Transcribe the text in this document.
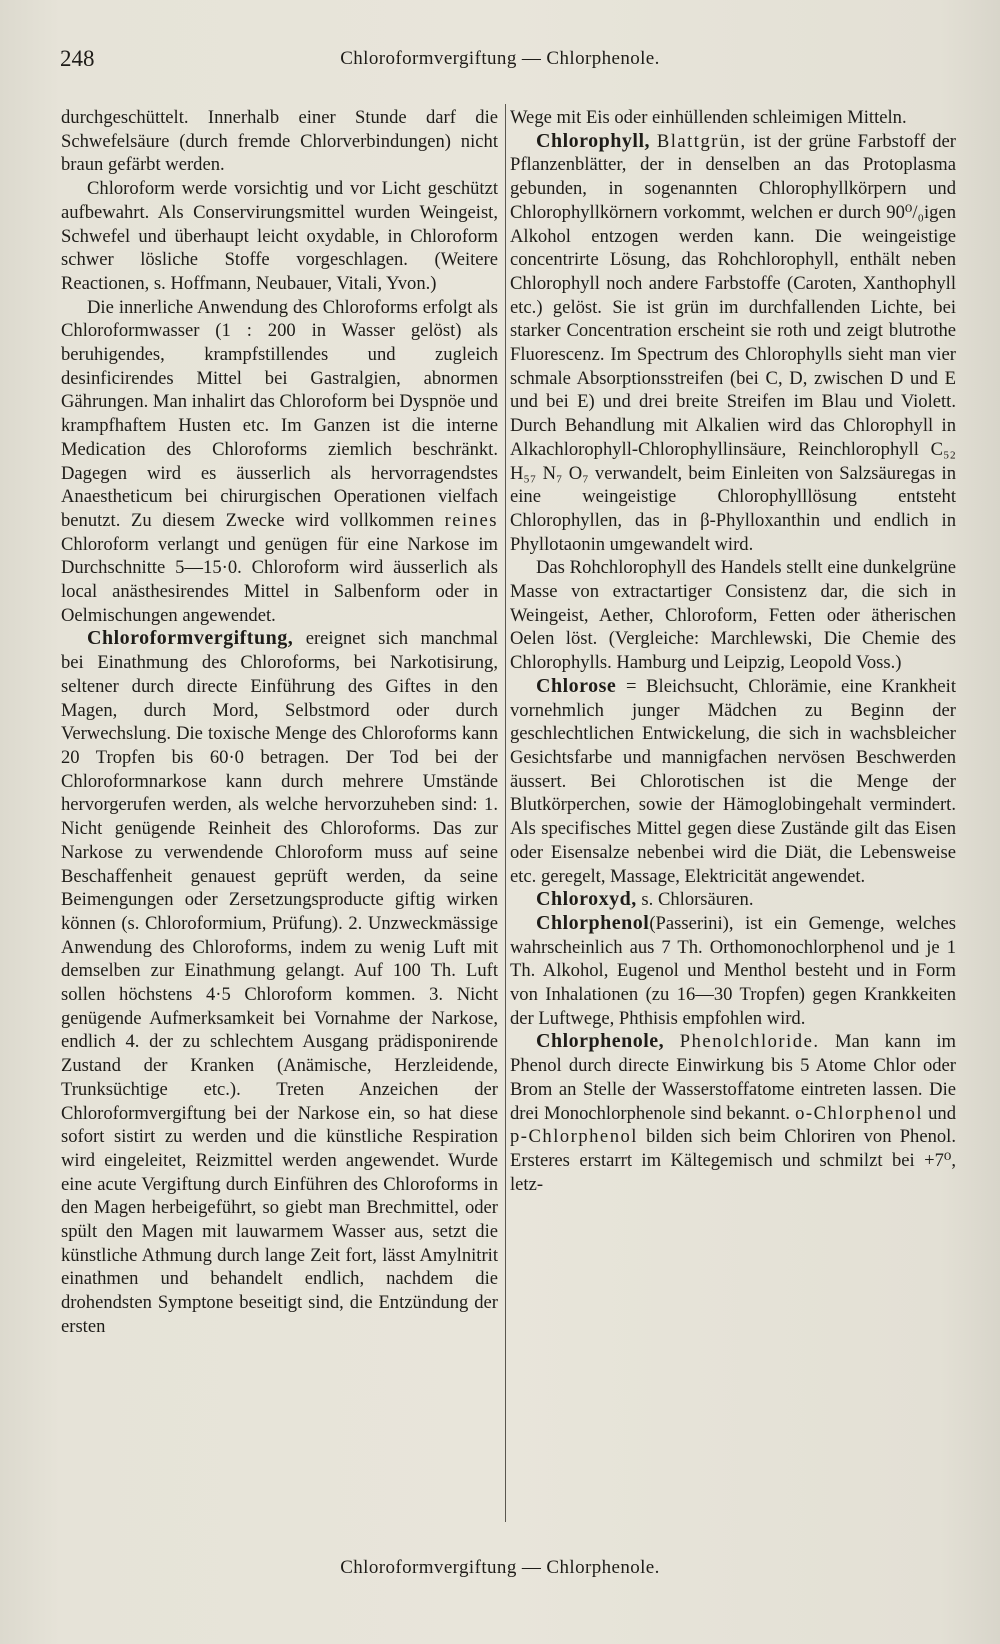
248	Chloroformvergiftung — Chlorphenole.

durchgeschüttelt. Innerhalb einer Stunde darf die Schwefelsäure (durch fremde Chlorverbindungen) nicht braun gefärbt werden.

Chloroform werde vorsichtig und vor Licht geschützt aufbewahrt. Als Conservirungsmittel wurden Weingeist, Schwefel und überhaupt leicht oxydable, in Chloroform schwer lösliche Stoffe vorgeschlagen. (Weitere Reactionen, s. Hoffmann, Neubauer, Vitali, Yvon.)

Die innerliche Anwendung des Chloroforms erfolgt als Chloroformwasser (1 : 200 in Wasser gelöst) als beruhigendes, krampfstillendes und zugleich desinficirendes Mittel bei Gastralgien, abnormen Gährungen. Man inhalirt das Chloroform bei Dyspnöe und krampfhaftem Husten etc. Im Ganzen ist die interne Medication des Chloroforms ziemlich beschränkt. Dagegen wird es äusserlich als hervorragendstes Anaestheticum bei chirurgischen Operationen vielfach benutzt. Zu diesem Zwecke wird vollkommen reines Chloroform verlangt und genügen für eine Narkose im Durchschnitte 5—15·0. Chloroform wird äusserlich als local anästhesirendes Mittel in Salbenform oder in Oelmischungen angewendet.

Chloroformvergiftung, ereignet sich manchmal bei Einathmung des Chloroforms, bei Narkotisirung, seltener durch directe Einführung des Giftes in den Magen, durch Mord, Selbstmord oder durch Verwechslung. Die toxische Menge des Chloroforms kann 20 Tropfen bis 60·0 betragen. Der Tod bei der Chloroformnarkose kann durch mehrere Umstände hervorgerufen werden, als welche hervorzuheben sind: 1. Nicht genügende Reinheit des Chloroforms. Das zur Narkose zu verwendende Chloroform muss auf seine Beschaffenheit genauest geprüft werden, da seine Beimengungen oder Zersetzungsproducte giftig wirken können (s. Chloroformium, Prüfung). 2. Unzweckmässige Anwendung des Chloroforms, indem zu wenig Luft mit demselben zur Einathmung gelangt. Auf 100 Th. Luft sollen höchstens 4·5 Chloroform kommen. 3. Nicht genügende Aufmerksamkeit bei Vornahme der Narkose, endlich 4. der zu schlechtem Ausgang prädisponirende Zustand der Kranken (Anämische, Herzleidende, Trunksüchtige etc.). Treten Anzeichen der Chloroformvergiftung bei der Narkose ein, so hat diese sofort sistirt zu werden und die künstliche Respiration wird eingeleitet, Reizmittel werden angewendet. Wurde eine acute Vergiftung durch Einführen des Chloroforms in den Magen herbeigeführt, so giebt man Brechmittel, oder spült den Magen mit lauwarmem Wasser aus, setzt die künstliche Athmung durch lange Zeit fort, lässt Amylnitrit einathmen und behandelt endlich, nachdem die drohendsten Symptone beseitigt sind, die Entzündung der ersten

Wege mit Eis oder einhüllenden schleimigen Mitteln.

Chlorophyll, Blattgrün, ist der grüne Farbstoff der Pflanzenblätter, der in denselben an das Protoplasma gebunden, in sogenannten Chlorophyllkörpern und Chlorophyllkörnern vorkommt, welchen er durch 90⁰/₀igen Alkohol entzogen werden kann. Die weingeistige concentrirte Lösung, das Rohchlorophyll, enthält neben Chlorophyll noch andere Farbstoffe (Caroten, Xanthophyll etc.) gelöst. Sie ist grün im durchfallenden Lichte, bei starker Concentration erscheint sie roth und zeigt blutrothe Fluorescenz. Im Spectrum des Chlorophylls sieht man vier schmale Absorptionsstreifen (bei C, D, zwischen D und E und bei E) und drei breite Streifen im Blau und Violett. Durch Behandlung mit Alkalien wird das Chlorophyll in Alkachlorophyll-Chlorophyllinsäure, Reinchlorophyll C₅₂ H₅₇ N₇ O₇ verwandelt, beim Einleiten von Salzsäuregas in eine weingeistige Chlorophylllösung entsteht Chlorophyllen, das in β-Phylloxanthin und endlich in Phyllotaonin umgewandelt wird.

Das Rohchlorophyll des Handels stellt eine dunkelgrüne Masse von extractartiger Consistenz dar, die sich in Weingeist, Aether, Chloroform, Fetten oder ätherischen Oelen löst. (Vergleiche: Marchlewski, Die Chemie des Chlorophylls. Hamburg und Leipzig, Leopold Voss.)

Chlorose = Bleichsucht, Chlorämie, eine Krankheit vornehmlich junger Mädchen zu Beginn der geschlechtlichen Entwickelung, die sich in wachsbleicher Gesichtsfarbe und mannigfachen nervösen Beschwerden äussert. Bei Chlorotischen ist die Menge der Blutkörperchen, sowie der Hämoglobingehalt vermindert. Als specifisches Mittel gegen diese Zustände gilt das Eisen oder Eisensalze nebenbei wird die Diät, die Lebensweise etc. geregelt, Massage, Elektricität angewendet.

Chloroxyd, s. Chlorsäuren.

Chlorphenol(Passerini), ist ein Gemenge, welches wahrscheinlich aus 7 Th. Orthomonochlorphenol und je 1 Th. Alkohol, Eugenol und Menthol besteht und in Form von Inhalationen (zu 16—30 Tropfen) gegen Krankkeiten der Luftwege, Phthisis empfohlen wird.

Chlorphenole, Phenolchloride. Man kann im Phenol durch directe Einwirkung bis 5 Atome Chlor oder Brom an Stelle der Wasserstoffatome eintreten lassen. Die drei Monochlorphenole sind bekannt. o-Chlorphenol und p-Chlorphenol bilden sich beim Chloriren von Phenol. Ersteres erstarrt im Kältegemisch und schmilzt bei +7⁰, letz-

Chloroformvergiftung — Chlorphenole.
